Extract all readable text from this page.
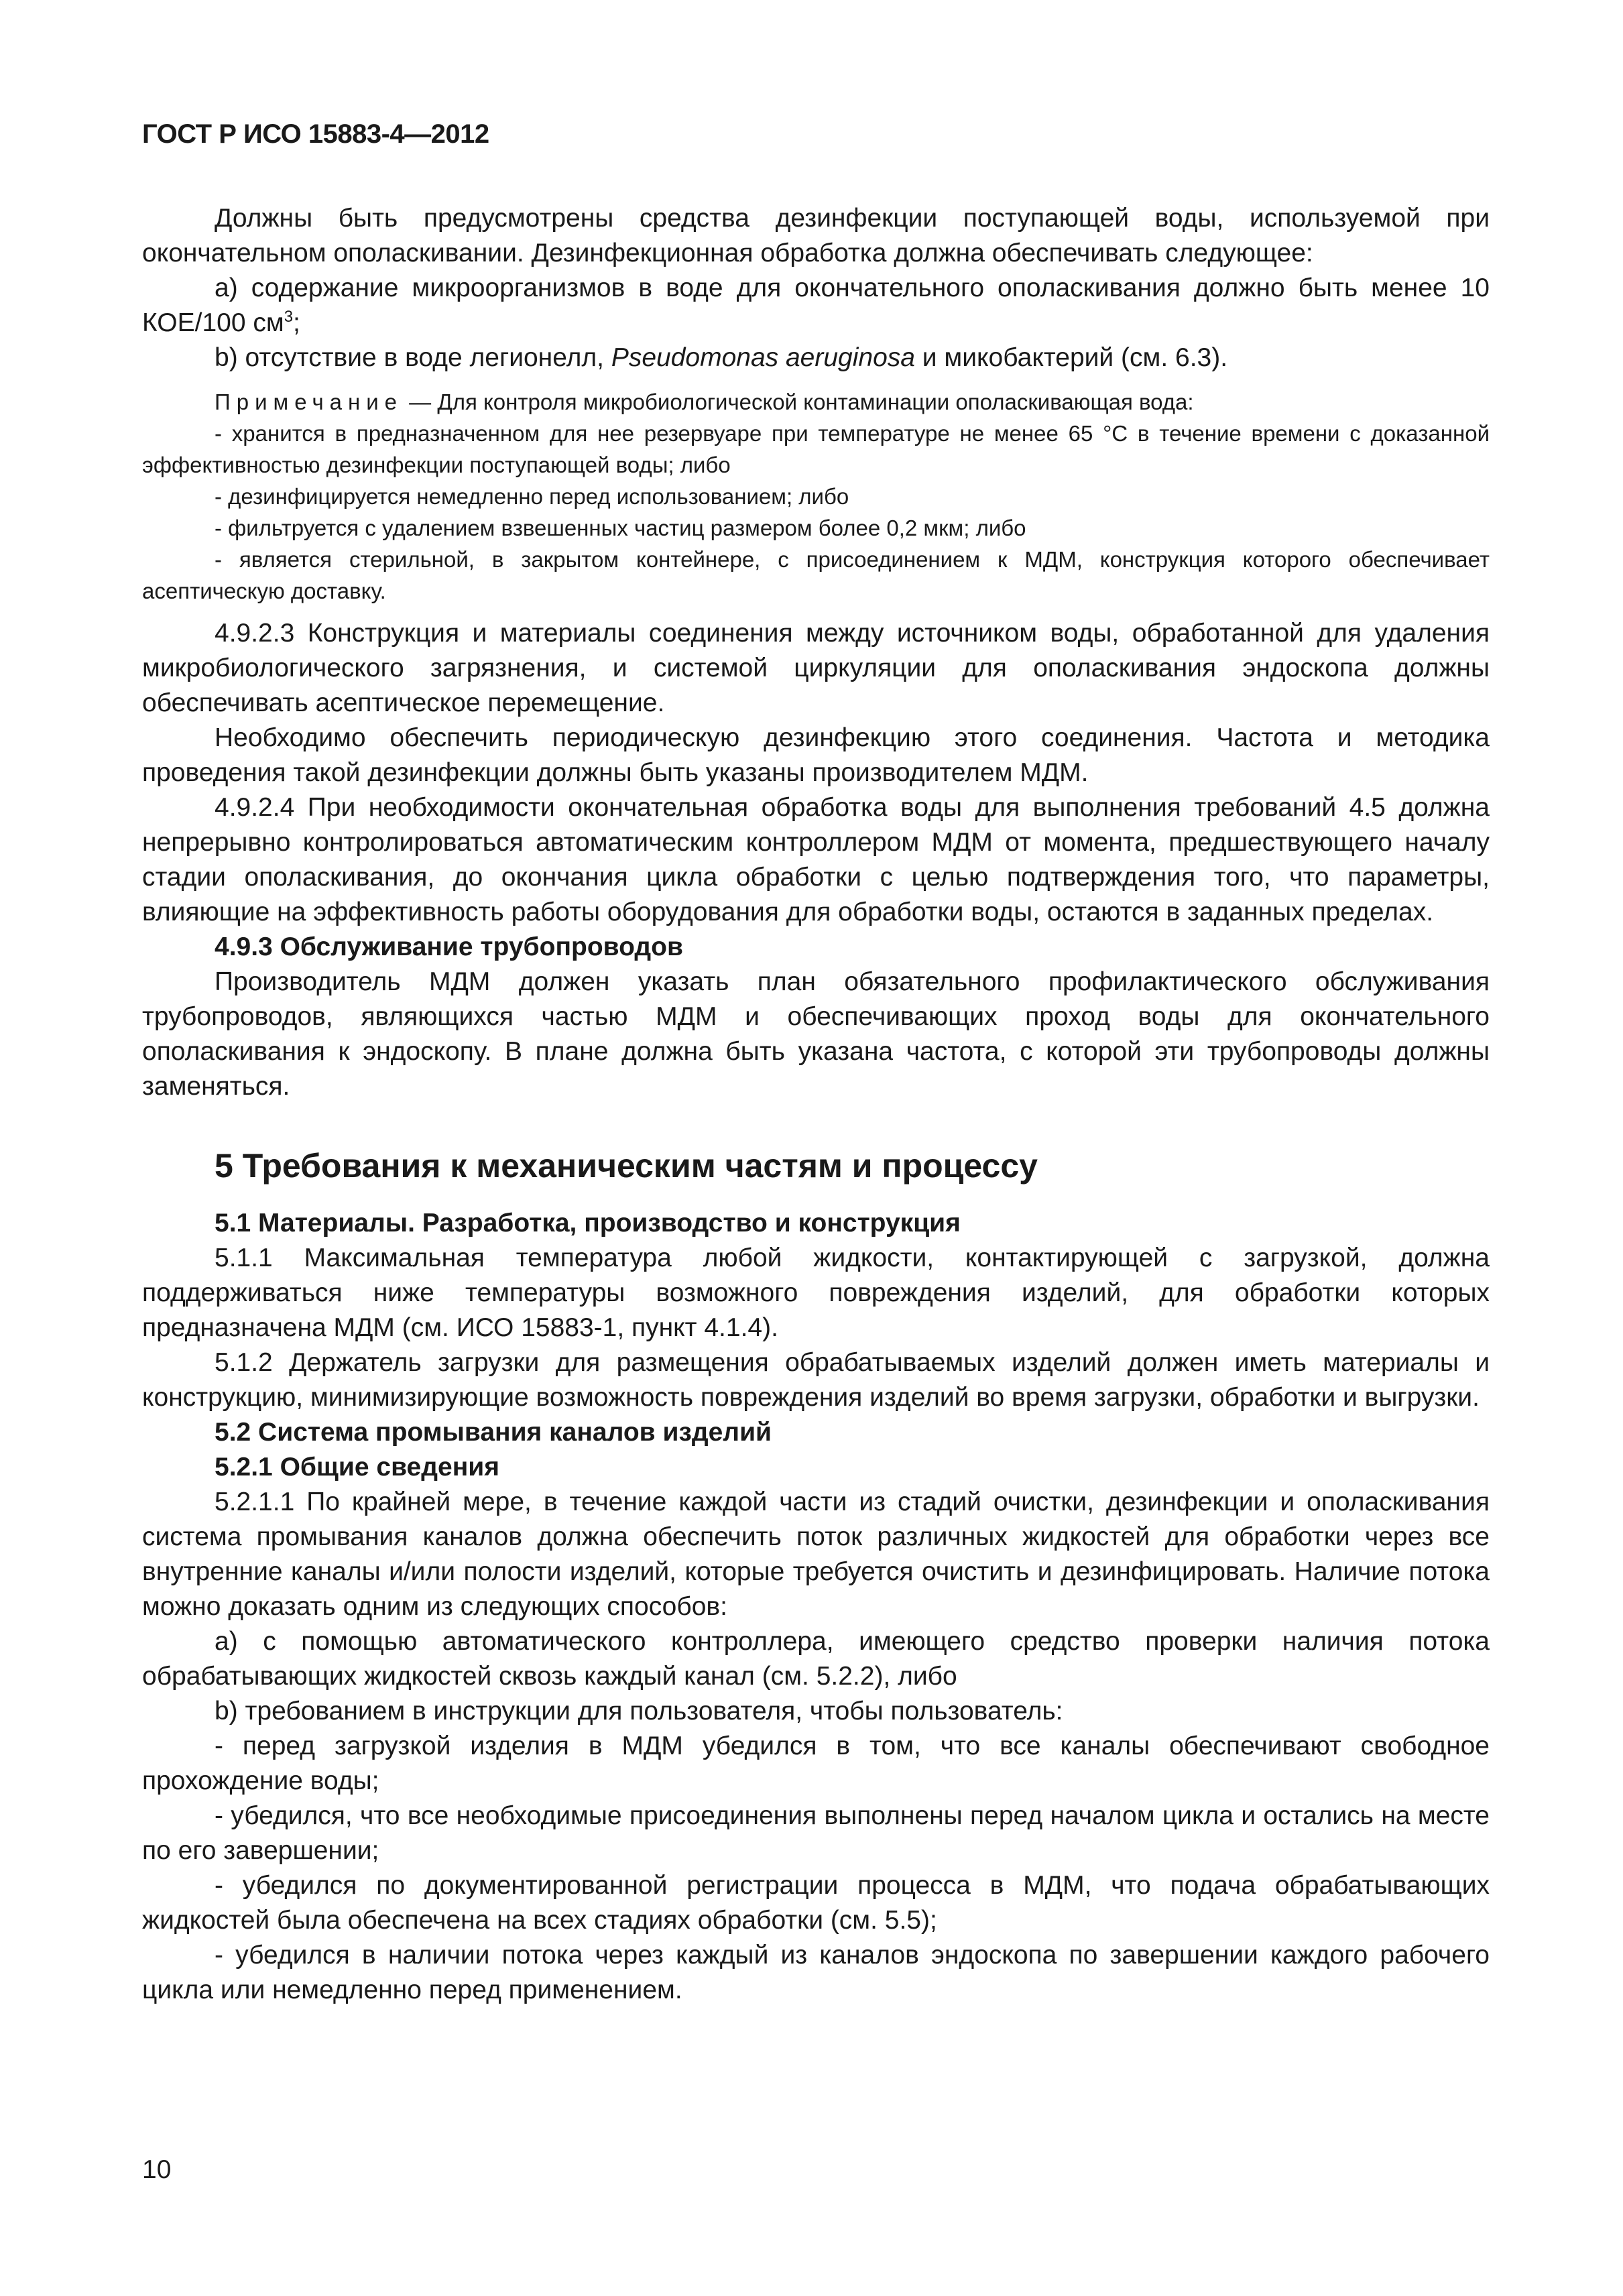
ГОСТ Р ИСО 15883-4—2012

Должны быть предусмотрены средства дезинфекции поступающей воды, используемой при окончательном ополаскивании. Дезинфекционная обработка должна обеспечивать следующее:

а) содержание микроорганизмов в воде для окончательного ополаскивания должно быть менее 10 КОЕ/100 $см^3$;

b) отсутствие в воде легионелл, Pseudomonas aeruginosa и микобактерий (см. 6.3).

Примечание — Для контроля микробиологической контаминации ополаскивающая вода:

- хранится в предназначенном для нее резервуаре при температуре не менее 65 °С в течение времени с доказанной эффективностью дезинфекции поступающей воды; либо

- дезинфицируется немедленно перед использованием; либо

- фильтруется с удалением взвешенных частиц размером более 0,2 мкм; либо

- является стерильной, в закрытом контейнере, с присоединением к МДМ, конструкция которого обеспечивает асептическую доставку.

4.9.2.3 Конструкция и материалы соединения между источником воды, обработанной для удаления микробиологического загрязнения, и системой циркуляции для ополаскивания эндоскопа должны обеспечивать асептическое перемещение.

Необходимо обеспечить периодическую дезинфекцию этого соединения. Частота и методика проведения такой дезинфекции должны быть указаны производителем МДМ.

4.9.2.4 При необходимости окончательная обработка воды для выполнения требований 4.5 должна непрерывно контролироваться автоматическим контроллером МДМ от момента, предшествующего началу стадии ополаскивания, до окончания цикла обработки с целью подтверждения того, что параметры, влияющие на эффективность работы оборудования для обработки воды, остаются в заданных пределах.

4.9.3 Обслуживание трубопроводов

Производитель МДМ должен указать план обязательного профилактического обслуживания трубопроводов, являющихся частью МДМ и обеспечивающих проход воды для окончательного ополаскивания к эндоскопу. В плане должна быть указана частота, с которой эти трубопроводы должны заменяться.

5 Требования к механическим частям и процессу

5.1 Материалы. Разработка, производство и конструкция

5.1.1 Максимальная температура любой жидкости, контактирующей с загрузкой, должна поддерживаться ниже температуры возможного повреждения изделий, для обработки которых предназначена МДМ (см. ИСО 15883-1, пункт 4.1.4).

5.1.2 Держатель загрузки для размещения обрабатываемых изделий должен иметь материалы и конструкцию, минимизирующие возможность повреждения изделий во время загрузки, обработки и выгрузки.

5.2 Система промывания каналов изделий

5.2.1 Общие сведения

5.2.1.1 По крайней мере, в течение каждой части из стадий очистки, дезинфекции и ополаскивания система промывания каналов должна обеспечить поток различных жидкостей для обработки через все внутренние каналы и/или полости изделий, которые требуется очистить и дезинфицировать. Наличие потока можно доказать одним из следующих способов:

а) с помощью автоматического контроллера, имеющего средство проверки наличия потока обрабатывающих жидкостей сквозь каждый канал (см. 5.2.2), либо

b) требованием в инструкции для пользователя, чтобы пользователь:

- перед загрузкой изделия в МДМ убедился в том, что все каналы обеспечивают свободное прохождение воды;

- убедился, что все необходимые присоединения выполнены перед началом цикла и остались на месте по его завершении;

- убедился по документированной регистрации процесса в МДМ, что подача обрабатывающих жидкостей была обеспечена на всех стадиях обработки (см. 5.5);

- убедился в наличии потока через каждый из каналов эндоскопа по завершении каждого рабочего цикла или немедленно перед применением.

10
